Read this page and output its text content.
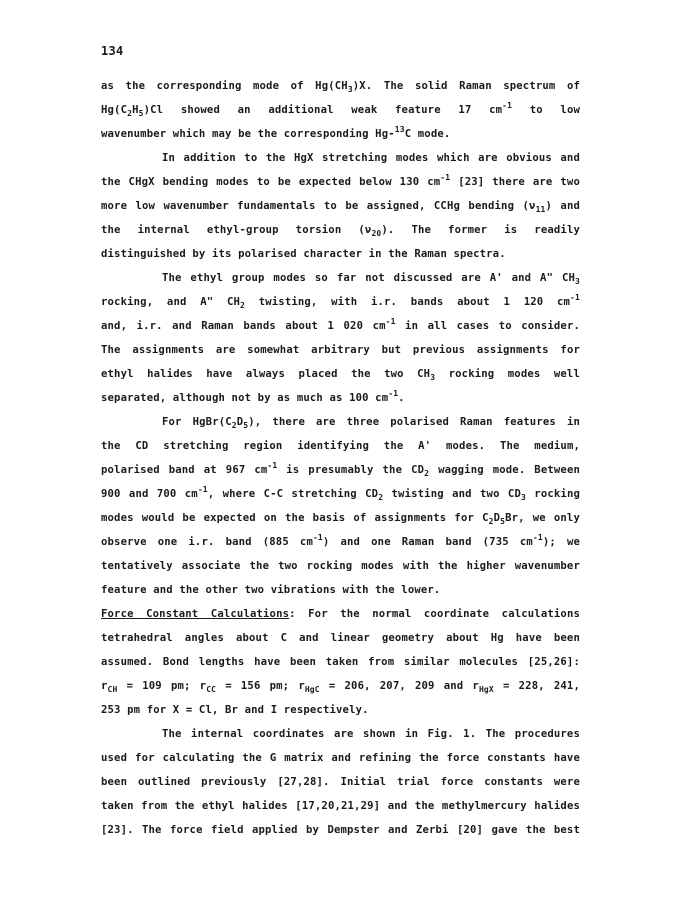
134
as the corresponding mode of $Hg(CH_3)X$. The solid Raman spectrum of
$Hg(C_2H_5)Cl$ showed an additional weak feature 17 $cm^{-1}$ to low
wavenumber which may be the corresponding Hg-$^{13}$C mode.
In addition to the HgX stretching modes which are obvious and
the CHgX bending modes to be expected below 130 $cm^{-1}$ [23] there are two
more low wavenumber fundamentals to be assigned, CCHg bending $(\nu_{11})$ and
the internal ethyl-group torsion $(\nu_{20})$. The former is readily
distinguished by its polarised character in the Raman spectra.
The ethyl group modes so far not discussed are A' and A" $CH_3$
rocking, and A" $CH_2$ twisting, with i.r. bands about 1 120 $cm^{-1}$
and, i.r. and Raman bands about 1 020 $cm^{-1}$ in all cases to consider.
The assignments are somewhat arbitrary but previous assignments for
ethyl halides have always placed the two $CH_3$ rocking modes well
separated, although not by as much as 100 $cm^{-1}$.
For $HgBr(C_2D_5)$, there are three polarised Raman features in
the CD stretching region identifying the A' modes. The medium,
polarised band at 967 $cm^{-1}$ is presumably the $CD_2$ wagging mode. Between
900 and 700 $cm^{-1}$, where C-C stretching $CD_2$ twisting and two $CD_3$ rocking
modes would be expected on the basis of assignments for $C_2D_5Br$, we only
observe one i.r. band (885 $cm^{-1}$) and one Raman band (735 $cm^{-1}$); we
tentatively associate the two rocking modes with the higher wavenumber
feature and the other two vibrations with the lower.
Force Constant Calculations: For the normal coordinate calculations
tetrahedral angles about C and linear geometry about Hg have been
assumed. Bond lengths have been taken from similar molecules [25,26]:
$r_{CH} = 109$ pm; $r_{CC} = 156$ pm; $r_{HgC} = 206$, 207, 209 and $r_{HgX} = 228$, 241,
253 pm for X = Cl, Br and I respectively.
The internal coordinates are shown in Fig. 1. The procedures
used for calculating the G matrix and refining the force constants have
been outlined previously [27,28]. Initial trial force constants were
taken from the ethyl halides [17,20,21,29] and the methylmercury halides
[23]. The force field applied by Dempster and Zerbi [20] gave the best
